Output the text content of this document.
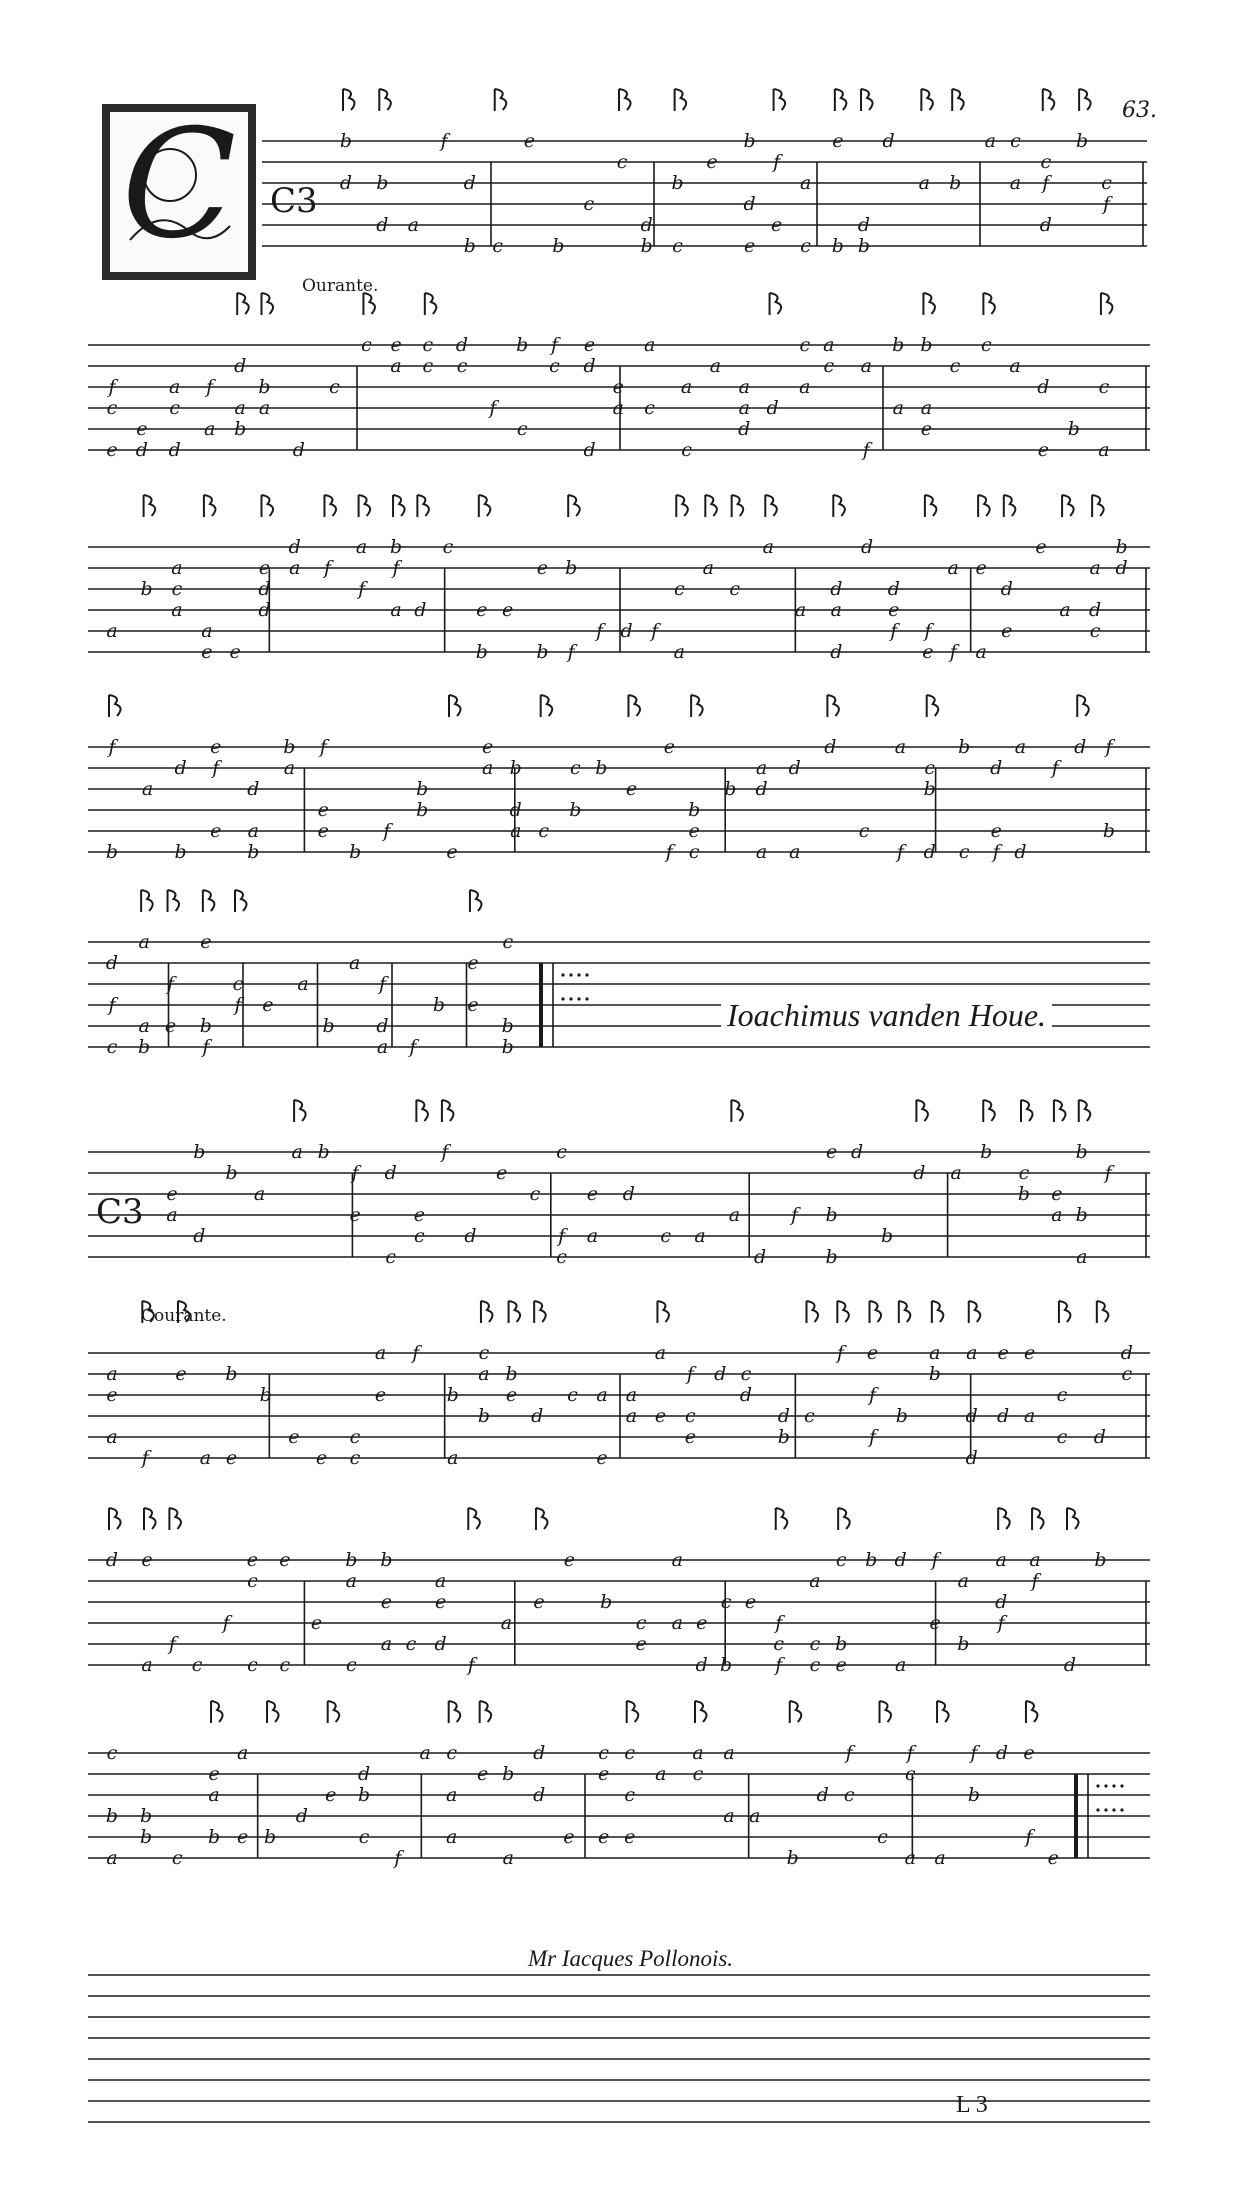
63.
C3
b
d b
d a
f
b
d
c
e
b
c
c
d
b c
b
e
e
d
b
e
f
a
c
e
b
d
b
d
a b
a c
a f
d
c
b
c
f
c
e
f
e
d
a
d
c
f
a
a
b
d
a
b
d
c
c
a
e c
c
d
c
f
c
b
c
f
d
e
d
a
e
c
a
c
a
a
d
a
a
d
a
c a
c a
f
b
a a
e
b
c
c
a
d
e
b
a
c
a
b
a
c
a
a
e e
e
d
d
d
a f
f
a
a
b
f
d
c
b
e e
b
e b
f
f d f
a
c
a
c
a
a
d
a
d
d
f
d
e
e
f
f
a
a
e
e
d
e
a d
c
a d
b
b
f
a
b
d
e
e
f
b
a
d
a
b
e
f
e
b
f
b
b
e
a
e
a
b
d
c
b
c b
e
f
e
e
c
b
b
a
d
a d
a
d
c
a
f
b
c
d
b
c f
e
d
d
a
f
d f
b
f
d
c
a
b
a e
f
f
e
b
f
c
e
a
b
a
d
a
f
f
b
e
e
c
b
b
C3 e
a
b
d
b
a
a b
f
e
d
c
e
c
f
d
e
c
c
c
f a
e d
c a
a
d
f
b
b
e d
b
d a
b
b
c
a
e
a
b
b
f
a
e
a
f
e
a
b
e
b
e
e c
c
a
e
f
a
b
a
c
b
e
b
d
c
e
a
a
a
e
a
e
f
c
d c
d
d
b
c
f
f
e
f
b
a
b
d
a
d
e
d a
e
c
c
d
d
c
d
a
e
f
c
f
c
c
e
c
e
e
a
b
c
b
a
e
c
a
d
e
f
a
e
e
b
c
e
a
a
e
d b
c e
f
c
f
a
c
c
e
b
c b d
a
e
f
a
b
d
f
a
f
a
d
b
c
a
b
b
b
c
b
a
e
a
e b
d
e
d
c
b
f
a
a
c
a
e
a
b
d
d
e
e
e
c c
e
c
a c
a
a
a
a
b
d
f
c
c
f
a
c
a
b
f d
f
e
e
C
Ourante.
Courante.
Ioachimus vanden Houe.
Mr Iacques Pollonois.
L 3
